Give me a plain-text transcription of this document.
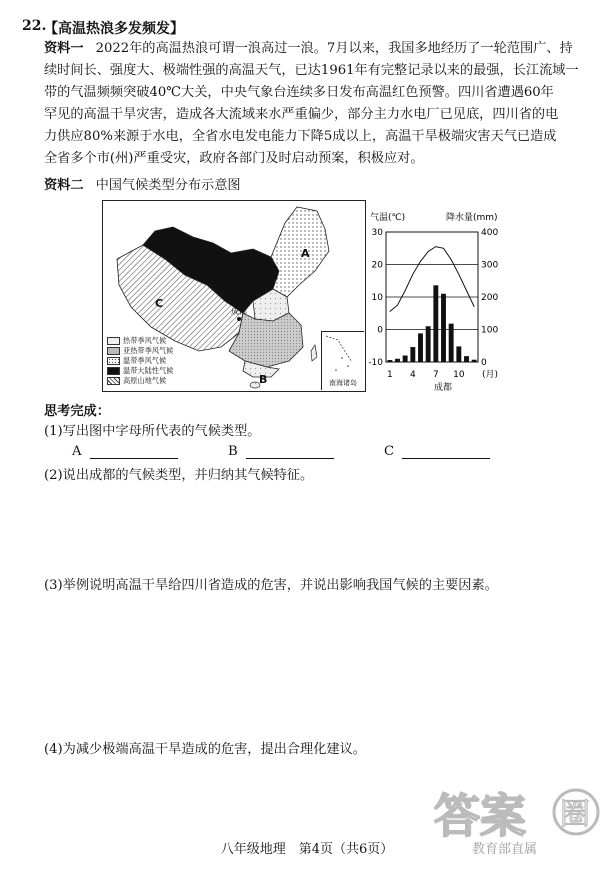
22.
【高温热浪多发频发】
资料一 2022年的高温热浪可谓一浪高过一浪。7月以来，我国多地经历了一轮范围广、持
续时间长、强度大、极端性强的高温天气，已达1961年有完整记录以来的最强，长江流域一
带的气温频频突破40℃大关，中央气象台连续多日发布高温红色预警。四川省遭遇60年
罕见的高温干旱灾害，造成各大流域来水严重偏少，部分主力水电厂已见底，四川省的电
力供应80%来源于水电，全省水电发电能力下降5成以上，高温干旱极端灾害天气已造成
全省多个市(州)严重受灾，政府各部门及时启动预案，积极应对。
资料二 中国气候类型分布示意图
★
A
C
B
成都
热带季风气候
亚热带季风气候
温带季风气候
温带大陆性气候
高原山地气候	南海诸岛
气温(℃)	降水量(mm)
30
20
10
0
-10
400
300
200
100
0
1 4 7 10 (月)
成都
思考完成：
(1)写出图中字母所代表的气候类型。
A	B	C
(2)说出成都的气候类型，并归纳其气候特征。
(3)举例说明高温干旱给四川省造成的危害，并说出影响我国气候的主要因素。
(4)为减少极端高温干旱造成的危害，提出合理化建议。
八年级地理　第4页（共6页）
答案 圈
教育部直属
